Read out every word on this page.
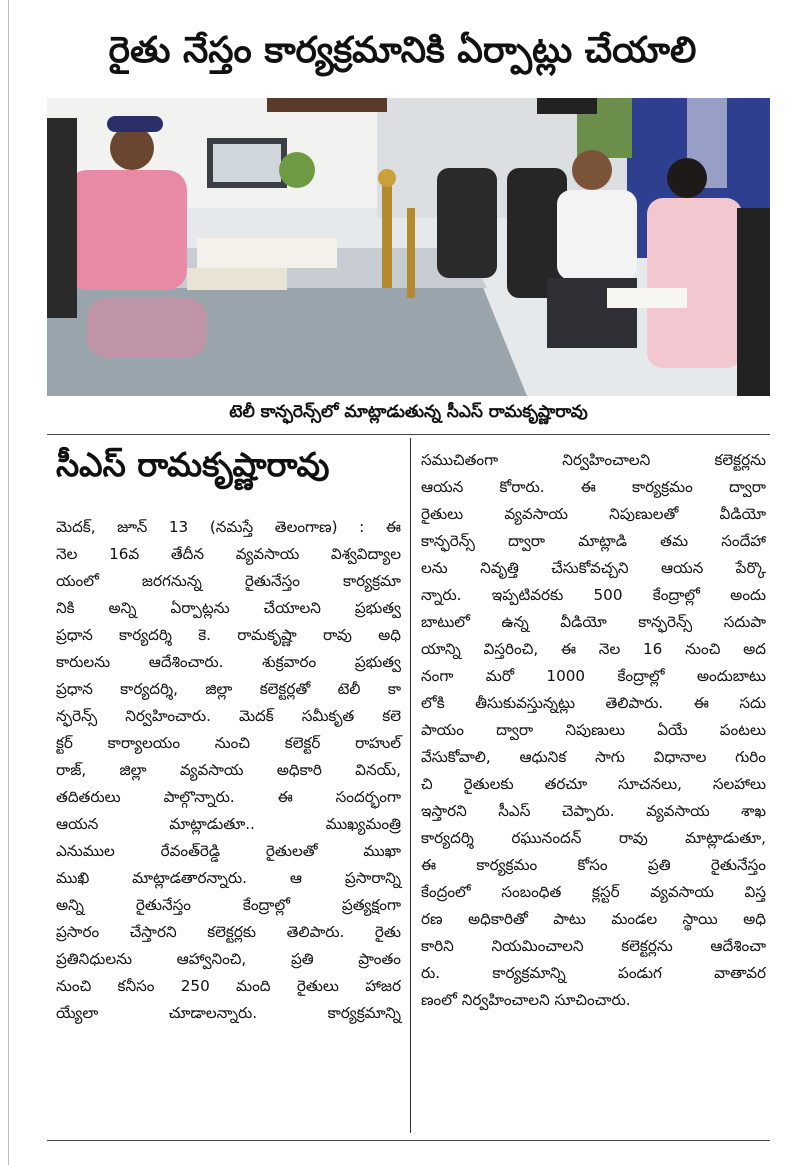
రైతు నేస్తం కార్యక్రమానికి ఏర్పాట్లు చేయాలి
టెలీ కాన్ఫరెన్స్‌లో మాట్లాడుతున్న సీఎస్ రామకృష్ణారావు
సీఎస్ రామకృష్ణారావు
మెదక్, జూన్ 13 (నమస్తే తెలంగాణ) : ఈ
నెల 16వ తేదీన వ్యవసాయ విశ్వవిద్యాల
యంలో జరగనున్న రైతునేస్తం కార్యక్రమా
నికి అన్ని ఏర్పాట్లను చేయాలని ప్రభుత్వ
ప్రధాన కార్యదర్శి కె. రామకృష్ణా రావు అధి
కారులను ఆదేశించారు. శుక్రవారం ప్రభుత్వ
ప్రధాన కార్యదర్శి, జిల్లా కలెక్టర్లతో టెలీ కా
న్ఫరెన్స్ నిర్వహించారు. మెదక్ సమీకృత కలె
క్టర్ కార్యాలయం నుంచి కలెక్టర్ రాహుల్
రాజ్, జిల్లా వ్యవసాయ అధికారి వినయ్,
తదితరులు పాల్గొన్నారు. ఈ సందర్భంగా
ఆయన మాట్లాడుతూ.. ముఖ్యమంత్రి
ఎనుముల రేవంత్‌రెడ్డి రైతులతో ముఖా
ముఖి మాట్లాడతారన్నారు. ఆ ప్రసారాన్ని
అన్ని రైతునేస్తం కేంద్రాల్లో ప్రత్యక్షంగా
ప్రసారం చేస్తారని కలెక్టర్లకు తెలిపారు. రైతు
ప్రతినిధులను ఆహ్వానించి, ప్రతి ప్రాంతం
నుంచి కనీసం 250 మంది రైతులు హాజర
య్యేలా చూడాలన్నారు. కార్యక్రమాన్ని
సముచితంగా నిర్వహించాలని కలెక్టర్లను
ఆయన కోరారు. ఈ కార్యక్రమం ద్వారా
రైతులు వ్యవసాయ నిపుణులతో వీడియో
కాన్ఫరెన్స్ ద్వారా మాట్లాడి తమ సందేహా
లను నివృత్తి చేసుకోవచ్చని ఆయన పేర్కొ
న్నారు. ఇప్పటివరకు 500 కేంద్రాల్లో అందు
బాటులో ఉన్న వీడియో కాన్ఫరెన్స్ సదుపా
యాన్ని విస్తరించి, ఈ నెల 16 నుంచి అద
నంగా మరో 1000 కేంద్రాల్లో అందుబాటు
లోకి తీసుకువస్తున్నట్లు తెలిపారు. ఈ సదు
పాయం ద్వారా నిపుణులు ఏయే పంటలు
వేసుకోవాలి, ఆధునిక సాగు విధానాల గురిం
చి రైతులకు తరచూ సూచనలు, సలహాలు
ఇస్తారని సీఎస్ చెప్పారు. వ్యవసాయ శాఖ
కార్యదర్శి రఘునందన్ రావు మాట్లాడుతూ,
ఈ కార్యక్రమం కోసం ప్రతి రైతునేస్తం
కేంద్రంలో సంబంధిత క్లస్టర్ వ్యవసాయ విస్త
రణ అధికారితో పాటు మండల స్థాయి అధి
కారిని నియమించాలని కలెక్టర్లను ఆదేశించా
రు. కార్యక్రమాన్ని పండుగ వాతావర
ణంలో నిర్వహించాలని సూచించారు.
